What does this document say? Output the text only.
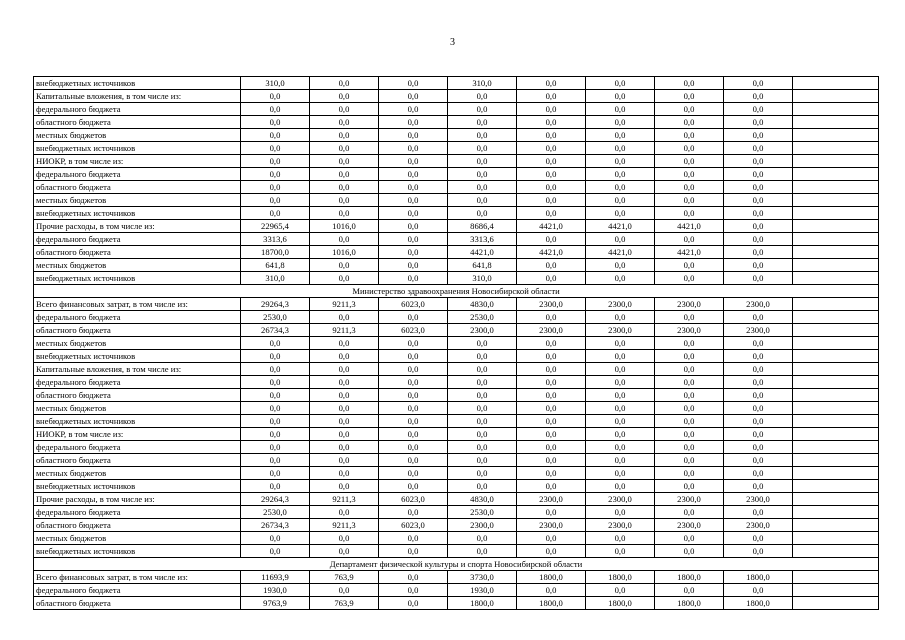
3
внебюджетных источников	310,0	0,0	0,0	310,0	0,0	0,0	0,0	0,0	
Капитальные вложения, в том числе из:	0,0	0,0	0,0	0,0	0,0	0,0	0,0	0,0	
федерального бюджета	0,0	0,0	0,0	0,0	0,0	0,0	0,0	0,0	
областного бюджета	0,0	0,0	0,0	0,0	0,0	0,0	0,0	0,0	
местных бюджетов	0,0	0,0	0,0	0,0	0,0	0,0	0,0	0,0	
внебюджетных источников	0,0	0,0	0,0	0,0	0,0	0,0	0,0	0,0	
НИОКР, в том числе из:	0,0	0,0	0,0	0,0	0,0	0,0	0,0	0,0	
федерального бюджета	0,0	0,0	0,0	0,0	0,0	0,0	0,0	0,0	
областного бюджета	0,0	0,0	0,0	0,0	0,0	0,0	0,0	0,0	
местных бюджетов	0,0	0,0	0,0	0,0	0,0	0,0	0,0	0,0	
внебюджетных источников	0,0	0,0	0,0	0,0	0,0	0,0	0,0	0,0	
Прочие расходы, в том числе из:	22965,4	1016,0	0,0	8686,4	4421,0	4421,0	4421,0	0,0	
федерального бюджета	3313,6	0,0	0,0	3313,6	0,0	0,0	0,0	0,0	
областного бюджета	18700,0	1016,0	0,0	4421,0	4421,0	4421,0	4421,0	0,0	
местных бюджетов	641,8	0,0	0,0	641,8	0,0	0,0	0,0	0,0	
внебюджетных источников	310,0	0,0	0,0	310,0	0,0	0,0	0,0	0,0	
Министерство здравоохранения Новосибирской области									
Всего финансовых затрат, в том числе из:	29264,3	9211,3	6023,0	4830,0	2300,0	2300,0	2300,0	2300,0	
федерального бюджета	2530,0	0,0	0,0	2530,0	0,0	0,0	0,0	0,0	
областного бюджета	26734,3	9211,3	6023,0	2300,0	2300,0	2300,0	2300,0	2300,0	
местных бюджетов	0,0	0,0	0,0	0,0	0,0	0,0	0,0	0,0	
внебюджетных источников	0,0	0,0	0,0	0,0	0,0	0,0	0,0	0,0	
Капитальные вложения, в том числе из:	0,0	0,0	0,0	0,0	0,0	0,0	0,0	0,0	
федерального бюджета	0,0	0,0	0,0	0,0	0,0	0,0	0,0	0,0	
областного бюджета	0,0	0,0	0,0	0,0	0,0	0,0	0,0	0,0	
местных бюджетов	0,0	0,0	0,0	0,0	0,0	0,0	0,0	0,0	
внебюджетных источников	0,0	0,0	0,0	0,0	0,0	0,0	0,0	0,0	
НИОКР, в том числе из:	0,0	0,0	0,0	0,0	0,0	0,0	0,0	0,0	
федерального бюджета	0,0	0,0	0,0	0,0	0,0	0,0	0,0	0,0	
областного бюджета	0,0	0,0	0,0	0,0	0,0	0,0	0,0	0,0	
местных бюджетов	0,0	0,0	0,0	0,0	0,0	0,0	0,0	0,0	
внебюджетных источников	0,0	0,0	0,0	0,0	0,0	0,0	0,0	0,0	
Прочие расходы, в том числе из:	29264,3	9211,3	6023,0	4830,0	2300,0	2300,0	2300,0	2300,0	
федерального бюджета	2530,0	0,0	0,0	2530,0	0,0	0,0	0,0	0,0	
областного бюджета	26734,3	9211,3	6023,0	2300,0	2300,0	2300,0	2300,0	2300,0	
местных бюджетов	0,0	0,0	0,0	0,0	0,0	0,0	0,0	0,0	
внебюджетных источников	0,0	0,0	0,0	0,0	0,0	0,0	0,0	0,0	
Департамент физической культуры и спорта Новосибирской области									
Всего финансовых затрат, в том числе из:	11693,9	763,9	0,0	3730,0	1800,0	1800,0	1800,0	1800,0	
федерального бюджета	1930,0	0,0	0,0	1930,0	0,0	0,0	0,0	0,0	
областного бюджета	9763,9	763,9	0,0	1800,0	1800,0	1800,0	1800,0	1800,0	
